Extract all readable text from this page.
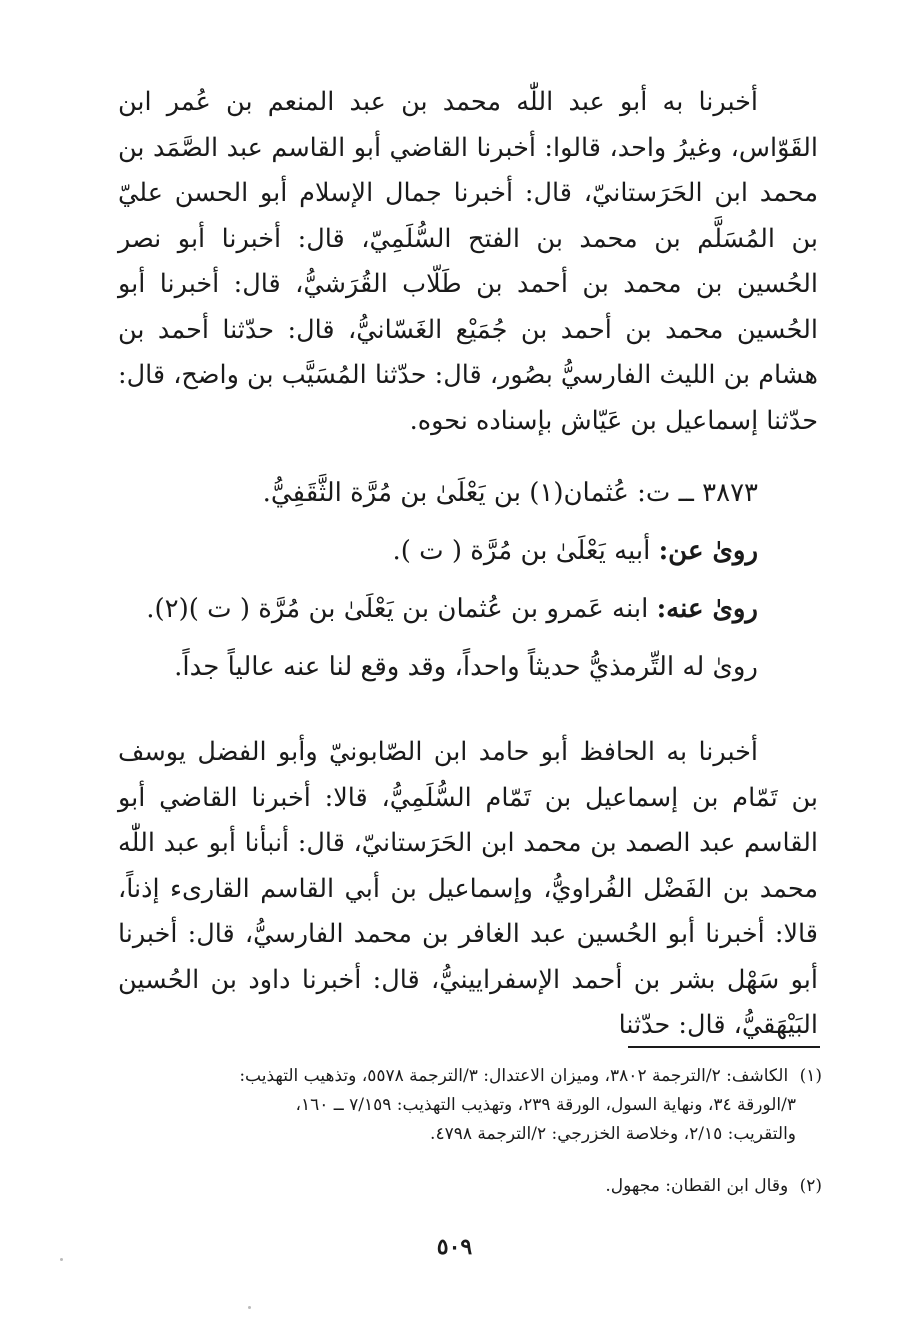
أخبرنا به أبو عبد اللّٰه محمد بن عبد المنعم بن عُمر ابن القَوّاس، وغيرُ واحد، قالوا: أخبرنا القاضي أبو القاسم عبد الصَّمَد بن محمد ابن الحَرَستانيّ، قال: أخبرنا جمال الإسلام أبو الحسن عليّ بن المُسَلَّم بن محمد بن الفتح السُّلَمِيّ، قال: أخبرنا أبو نصر الحُسين بن محمد بن أحمد بن طَلّاب القُرَشيُّ، قال: أخبرنا أبو الحُسين محمد بن أحمد بن جُمَيْع الغَسّانيُّ، قال: حدّثنا أحمد بن هشام بن الليث الفارسيُّ بصُور، قال: حدّثنا المُسَيَّب بن واضح، قال: حدّثنا إسماعيل بن عَيّاش بإسناده نحوه.

٣٨٧٣ ــ ت: عُثمان(١) بن يَعْلَىٰ بن مُرَّة الثَّقَفِيُّ.
روىٰ عن: أبيه يَعْلَىٰ بن مُرَّة ( ت ).
روىٰ عنه: ابنه عَمرو بن عُثمان بن يَعْلَىٰ بن مُرَّة ( ت )(٢).
روىٰ له التِّرمذيُّ حديثاً واحداً، وقد وقع لنا عنه عالياً جداً.

أخبرنا به الحافظ أبو حامد ابن الصّابونيّ وأبو الفضل يوسف بن تَمّام بن إسماعيل بن تَمّام السُّلَمِيُّ، قالا: أخبرنا القاضي أبو القاسم عبد الصمد بن محمد ابن الحَرَستانيّ، قال: أنبأنا أبو عبد اللّٰه محمد بن الفَضْل الفُراويُّ، وإسماعيل بن أبي القاسم القارىء إذناً، قالا: أخبرنا أبو الحُسين عبد الغافر بن محمد الفارسيُّ، قال: أخبرنا أبو سَهْل بشر بن أحمد الإسفرايينيُّ، قال: أخبرنا داود بن الحُسين البَيْهَقيُّ، قال: حدّثنا

(١) الكاشف: ٢/الترجمة ٣٨٠٢، وميزان الاعتدال: ٣/الترجمة ٥٥٧٨، وتذهيب التهذيب:
٣/الورقة ٣٤، ونهاية السول، الورقة ٢٣٩، وتهذيب التهذيب: ٧/١٥٩ ــ ١٦٠،
والتقريب: ٢/١٥، وخلاصة الخزرجي: ٢/الترجمة ٤٧٩٨.

(٢) وقال ابن القطان: مجهول.

٥٠٩
